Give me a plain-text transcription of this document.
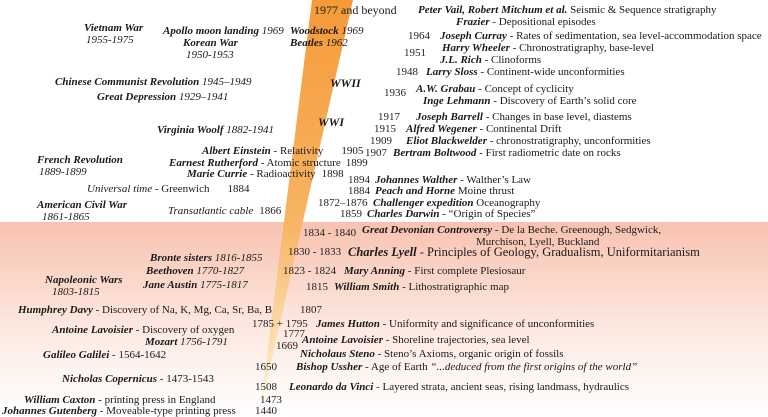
1977 and beyond
1974
1964
1951
1948
1936
1917
1915
1909
1907
1894
1884
1872–1876
1859
1834 - 1840
1830 - 1833
1823 - 1824
1815
1807
1785 + 1795
1777
1669
1650
1508
1473
1440
Peter Vail, Robert Mitchum et al. Seismic & Sequence stratigraphy
Frazier - Depositional episodes
Joseph Curray - Rates of sedimentation, sea level-accommodation space
Harry Wheeler - Chronostratigraphy, base-level
J.L. Rich - Clinoforms
Larry Sloss - Continent-wide unconformities
A.W. Grabau - Concept of cyclicity
Inge Lehmann - Discovery of Earth’s solid core
Joseph Barrell - Changes in base level, diastems
Alfred Wegener - Continental Drift
Eliot Blackwelder - chronostratigraphy, unconformities
Bertram Boltwood - First radiometric date on rocks
Johannes Walther - Walther’s Law
Peach and Horne Moine thrust
Challenger expedition Oceanography
Charles Darwin - “Origin of Species”
Great Devonian Controversy - De la Beche. Greenough, Sedgwick,
Murchison, Lyell, Buckland
Charles Lyell - Principles of Geology, Gradualism, Uniformitarianism
Mary Anning - First complete Plesiosaur
William Smith - Lithostratigraphic map
James Hutton - Uniformity and significance of unconformities
Antoine Lavoisier - Shoreline trajectories, sea level
Nicholaus Steno - Steno’s Axioms, organic origin of fossils
Bishop Ussher - Age of Earth “...deduced from the first origins of the world”
Leonardo da Vinci - Layered strata, ancient seas, rising landmass, hydraulics
Vietnam War
1955-1975
Apollo moon landing 1969
Korean War
1950-1953
Woodstock 1969
Beatles 1962
Chinese Communist Revolution 1945–1949
Great Depression 1929–1941
WWII
Virginia Woolf 1882-1941
WWI
Albert Einstein - Relativity 1905
Earnest Rutherford - Atomic structure 1899
Marie Currie - Radioactivity 1898
French Revolution
1889-1899
Universal time - Greenwich 1884
American Civil War
1861-1865	Transatlantic cable 1866
Bronte sisters 1816-1855
Beethoven 1770-1827
Jane Austin 1775-1817
Napoleonic Wars
1803-1815
Humphrey Davy - Discovery of Na, K, Mg, Ca, Sr, Ba, B
Antoine Lavoisier - Discovery of oxygen
Mozart 1756-1791
Galileo Galilei - 1564-1642
Nicholas Copernicus - 1473-1543
William Caxton - printing press in England
Johannes Gutenberg - Moveable-type printing press
